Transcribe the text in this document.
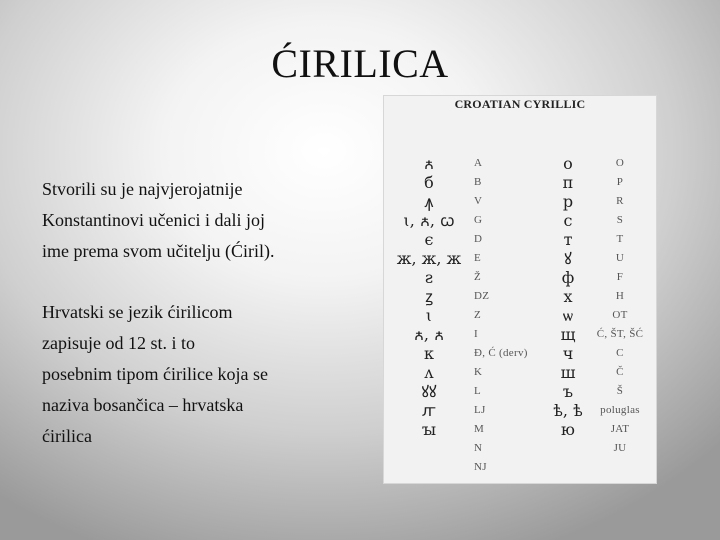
ĆIRILICA

Stvorili su je najvjerojatnije
Konstantinovi učenici i dali joj
ime prema svom učitelju (Ćiril).

Hrvatski se jezik ćirilicom
zapisuje od 12 st. i to
posebnim tipom ćirilice koja se
naziva bosančica – hrvatska
ćirilica

CROATIAN CYRILLIC
ꙉ
б
ꙟ
ꙇ, ꙉ, ꙍ
є
ж, ж, ж
ꙅ
ꙁ
ꙇ
ꙉ, ꙉ
к
ʌ
ꙋꙋ
ꙥ
ꙑ
A
B
V
G
D
E
Ž
DZ
Z
I
Đ, Ć (derv)
K
L
LJ
M
N
NJ
о
п
р
с
т
ꙋ
ф
х
ѡ
щ
ч
ш
ъ
ѣ, ѣ
ю
O
P
R
S
T
U
F
H
OT
Ć, ŠT, ŠĆ
C
Č
Š
poluglas
JAT
JU
